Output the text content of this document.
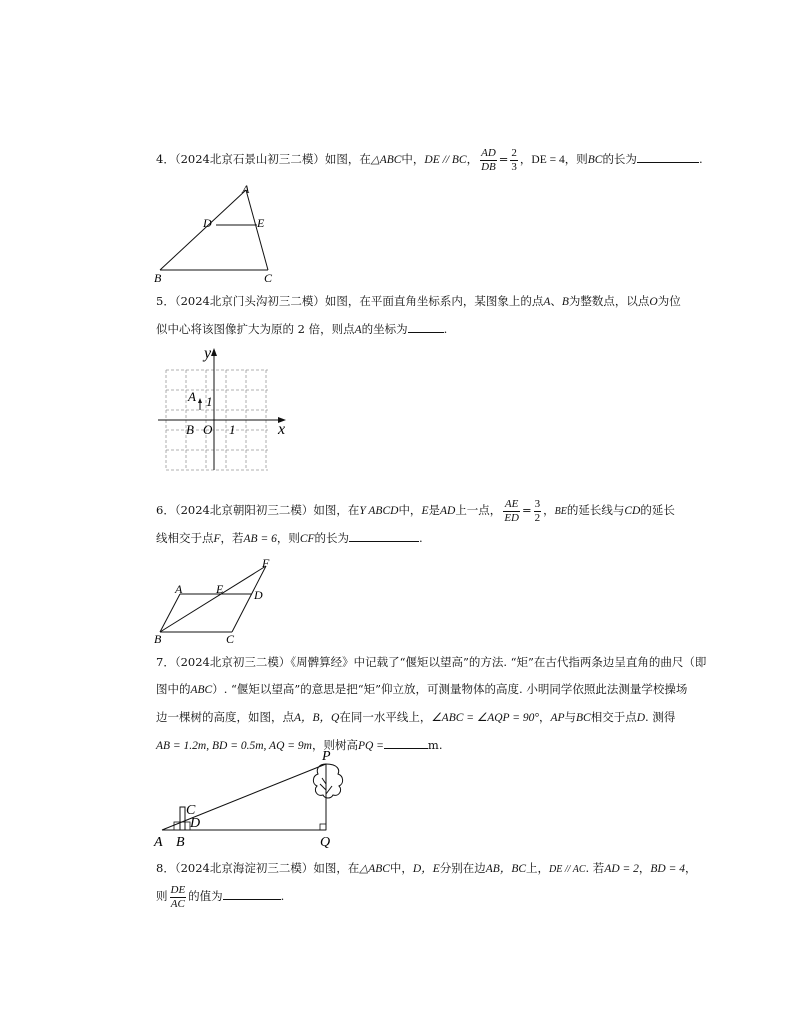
4．（2024北京石景山初三二模）如图，在△ABC中，DE // BC， $\frac{AD}{DB} = \frac{2}{3}$ ，DE = 4，则BC的长为	.
A
D	E
B	C
5．（2024北京门头沟初三二模）如图，在平面直角坐标系内，某图象上的点A、B为整数点，以点O为位
似中心将该图像扩大为原的 2 倍，则点A的坐标为	.
y
x
A 1
B O 1
6．（2024北京朝阳初三二模）如图，在Y ABCD中，E是AD上一点， $\frac{AE}{ED} = \frac{3}{2}$ ，BE的延长线与CD的延长
线相交于点F，若AB = 6，则CF的长为	.
F
A	E	D
B	C
7．（2024北京初三二模）《周髀算经》中记载了“偃矩以望高”的方法. “矩”在古代指两条边呈直角的曲尺（即
图中的ABC）. “偃矩以望高”的意思是把“矩”仰立放，可测量物体的高度. 小明同学依照此法测量学校操场
边一棵树的高度，如图，点A，B，Q在同一水平线上，∠ABC = ∠AQP = 90°，AP与BC相交于点D. 测得
AB = 1.2m, BD = 0.5m, AQ = 9m，则树高PQ =	m.
P
C
D
A B	Q
8．（2024北京海淀初三二模）如图，在△ABC中，D，E分别在边AB，BC上，DE // AC. 若AD = 2，BD = 4，
则 $\frac{DE}{AC}$ 的值为	.
